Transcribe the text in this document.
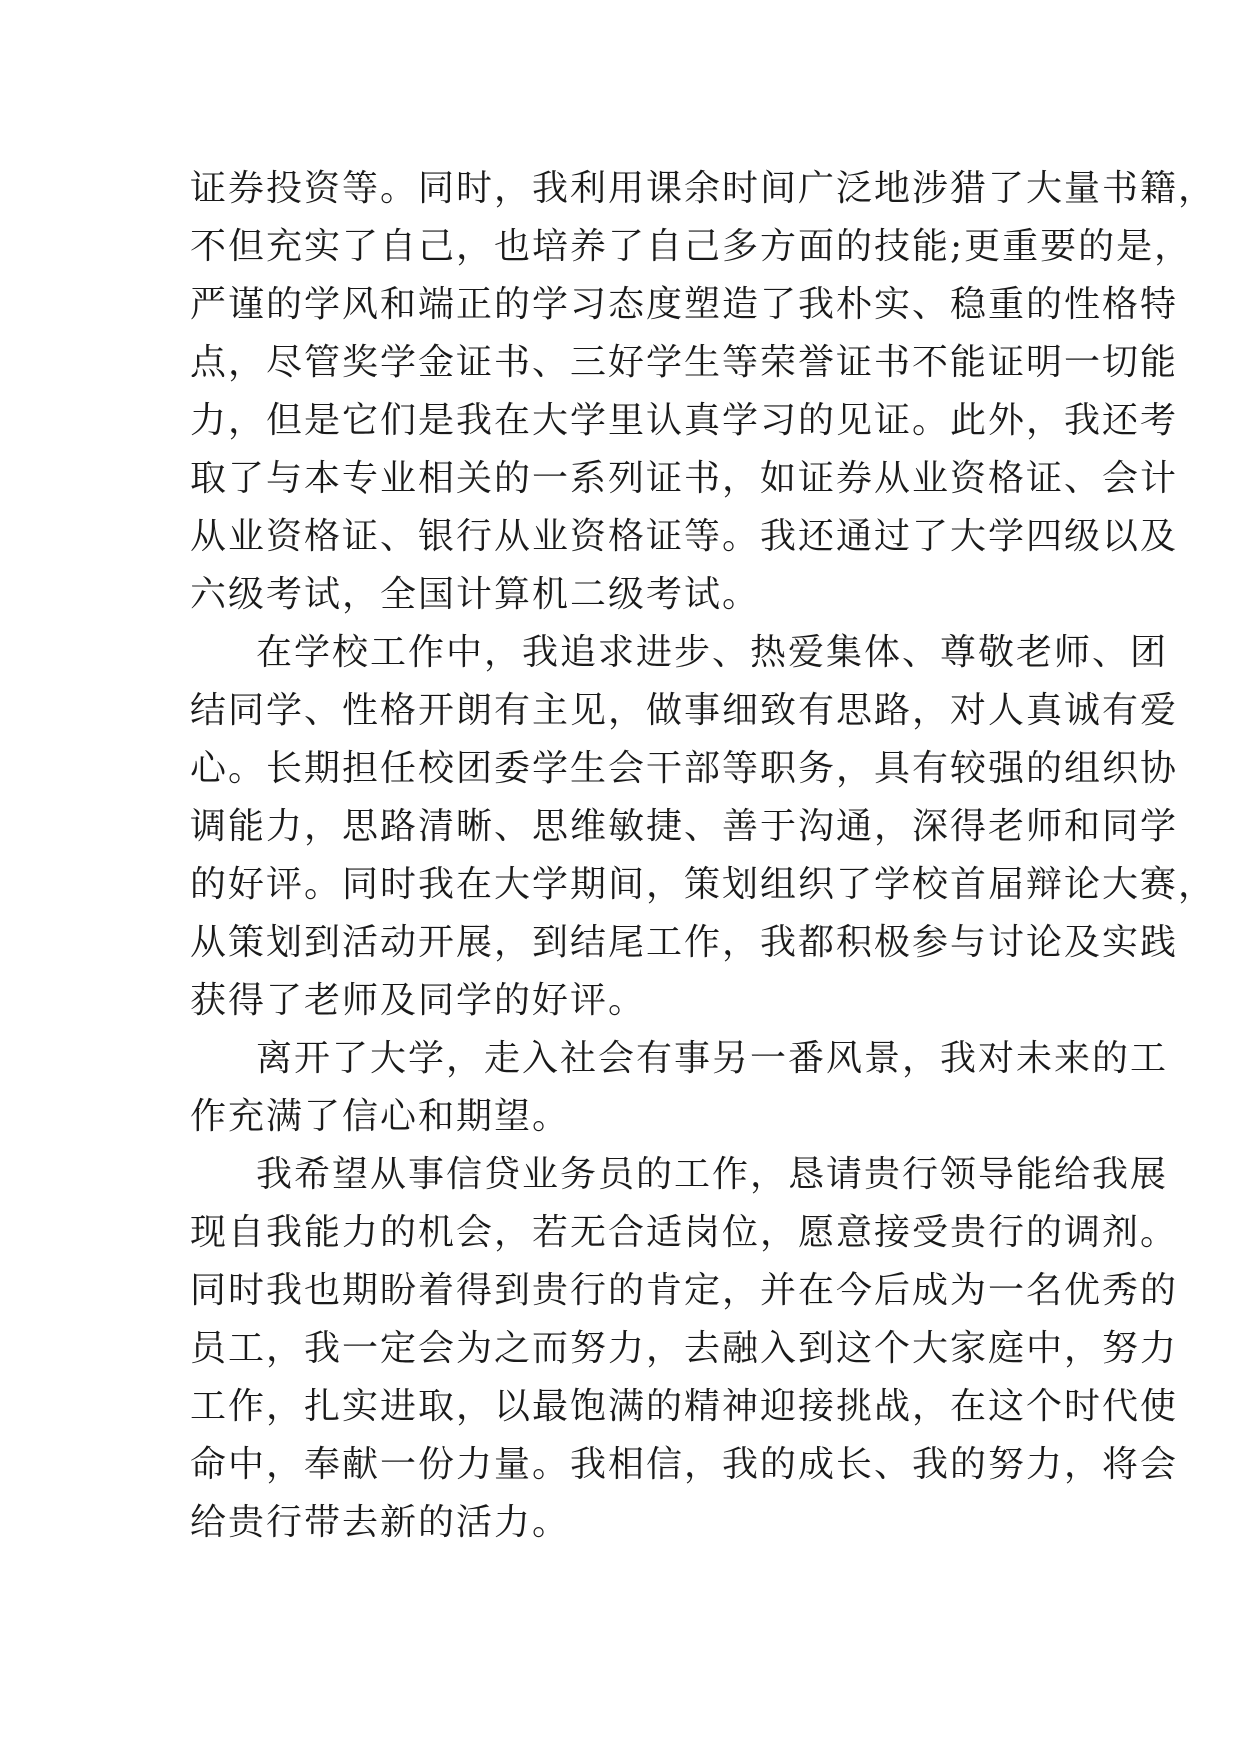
证券投资等。同时，我利用课余时间广泛地涉猎了大量书籍，
不但充实了自己，也培养了自己多方面的技能;更重要的是，
严谨的学风和端正的学习态度塑造了我朴实、稳重的性格特
点，尽管奖学金证书、三好学生等荣誉证书不能证明一切能
力，但是它们是我在大学里认真学习的见证。此外，我还考
取了与本专业相关的一系列证书，如证券从业资格证、会计
从业资格证、银行从业资格证等。我还通过了大学四级以及
六级考试，全国计算机二级考试。
在学校工作中，我追求进步、热爱集体、尊敬老师、团
结同学、性格开朗有主见，做事细致有思路，对人真诚有爱
心。长期担任校团委学生会干部等职务，具有较强的组织协
调能力，思路清晰、思维敏捷、善于沟通，深得老师和同学
的好评。同时我在大学期间，策划组织了学校首届辩论大赛，
从策划到活动开展，到结尾工作，我都积极参与讨论及实践
获得了老师及同学的好评。
离开了大学，走入社会有事另一番风景，我对未来的工
作充满了信心和期望。
我希望从事信贷业务员的工作，恳请贵行领导能给我展
现自我能力的机会，若无合适岗位，愿意接受贵行的调剂。
同时我也期盼着得到贵行的肯定，并在今后成为一名优秀的
员工，我一定会为之而努力，去融入到这个大家庭中，努力
工作，扎实进取，以最饱满的精神迎接挑战，在这个时代使
命中，奉献一份力量。我相信，我的成长、我的努力，将会
给贵行带去新的活力。
